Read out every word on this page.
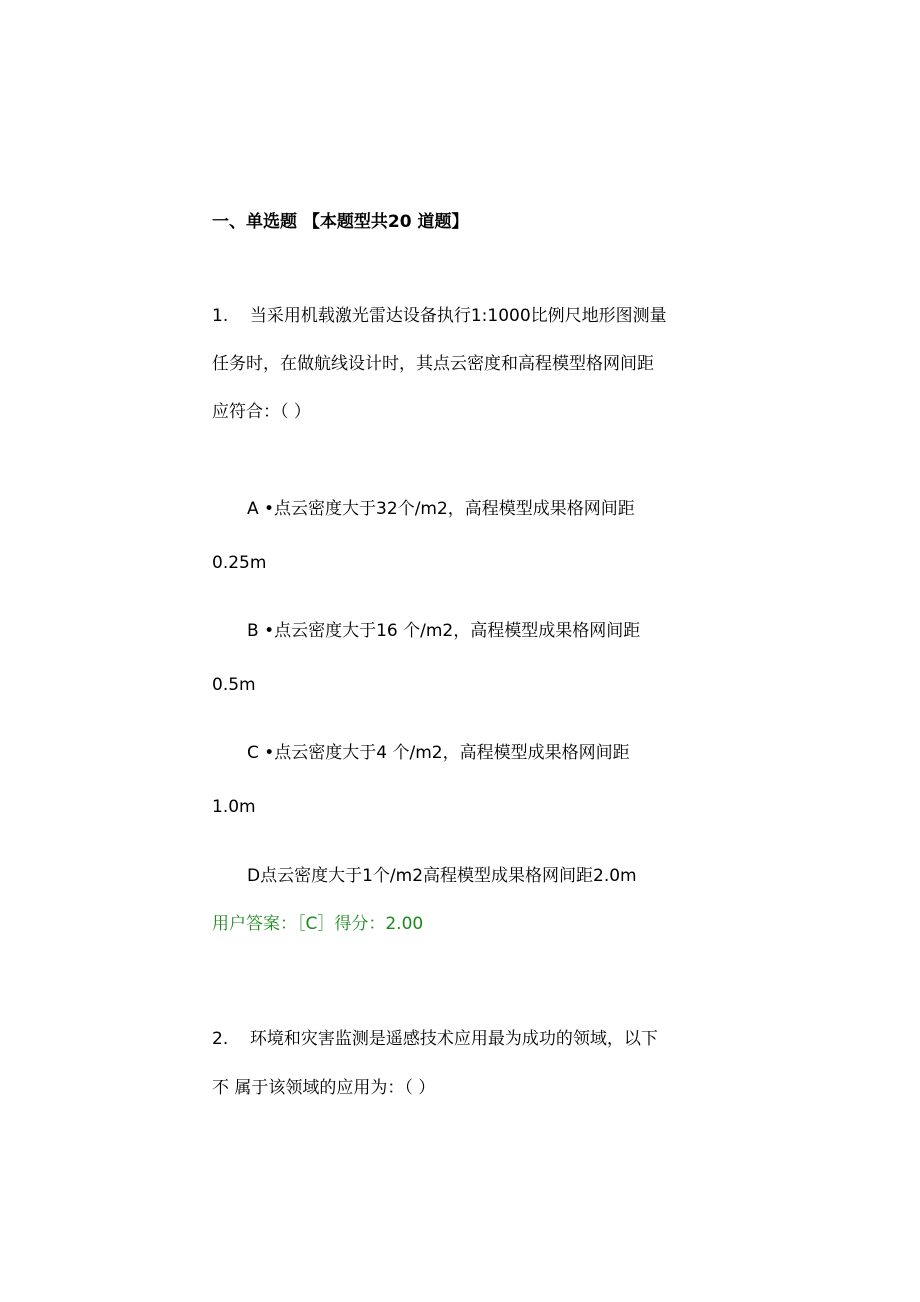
一、单选题 【本题型共20 道题】
1.    当采用机载激光雷达设备执行1:1000比例尺地形图测量
任务时，在做航线设计时，其点云密度和高程模型格网间距
应符合：（ ）
A •点云密度大于32个/m2，高程模型成果格网间距
0.25m
B •点云密度大于16 个/m2，高程模型成果格网间距
0.5m
C •点云密度大于4 个/m2，高程模型成果格网间距
1.0m
D点云密度大于1个/m2高程模型成果格网间距2.0m
用户答案：［C］得分：2.00
2.    环境和灾害监测是遥感技术应用最为成功的领域，以下
不 属于该领域的应用为：（ ）
